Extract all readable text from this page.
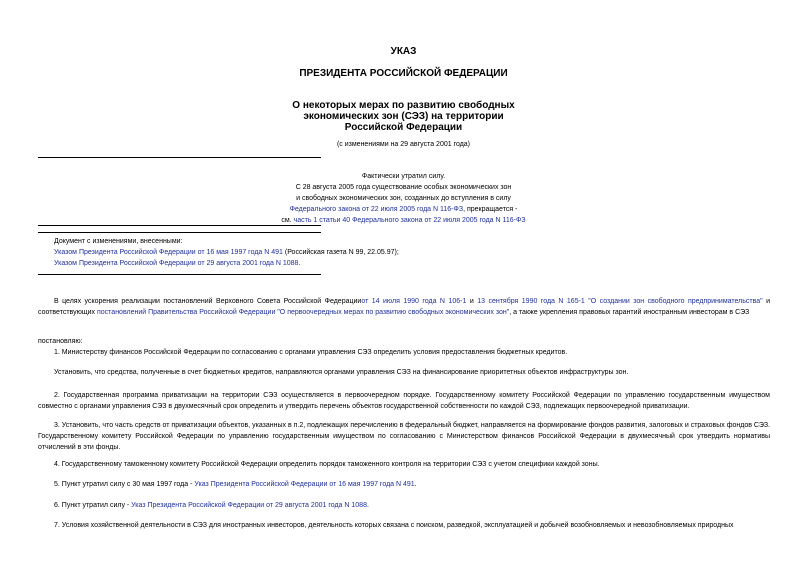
УКАЗ
ПРЕЗИДЕНТА РОССИЙСКОЙ ФЕДЕРАЦИИ
О некоторых мерах по развитию свободных
экономических зон (СЭЗ) на территории
Российской Федерации
(с изменениями на 29 августа 2001 года)
Фактически утратил силу.
С 28 августа 2005 года существование особых экономических зон
и свободных экономических зон, созданных до вступления в силу
Федерального закона от 22 июля 2005 года N 116-ФЗ, прекращается -
см. часть 1 статьи 40 Федерального закона от 22 июля 2005 года N 116-ФЗ
Документ с изменениями, внесенными:
Указом Президента Российской Федерации от 16 мая 1997 года N 491 (Российская газета N 99, 22.05.97);
Указом Президента Российской Федерации от 29 августа 2001 года N 1088.
В целях ускорения реализации постановлений Верховного Совета Российской Федерацииот 14 июля 1990 года N 106-1 и 13 сентября 1990 года N 165-1 "О создании зон свободного предпринимательства" и соответствующих постановлений Правительства Российской Федерации "О первоочередных мерах по развитию свободных экономических зон", а также укрепления правовых гарантий иностранным инвесторам в СЭЗ
постановляю:
1. Министерству финансов Российской Федерации по согласованию с органами управления СЭЗ определить условия предоставления бюджетных кредитов.
Установить, что средства, полученные в счет бюджетных кредитов, направляются органами управления СЭЗ на финансирование приоритетных объектов инфраструктуры зон.
2. Государственная программа приватизации на территории СЭЗ осуществляется в первоочередном порядке. Государственному комитету Российской Федерации по управлению государственным имуществом совместно с органами управления СЭЗ в двухмесячный срок определить и утвердить перечень объектов государственной собственности по каждой СЭЗ, подлежащих первоочередной приватизации.
3. Установить, что часть средств от приватизации объектов, указанных в п.2, подлежащих перечислению в федеральный бюджет, направляется на формирование фондов развития, залоговых и страховых фондов СЭЗ. Государственному комитету Российской Федерации по управлению государственным имуществом по согласованию с Министерством финансов Российской Федерации в двухмесячный срок утвердить нормативы отчислений в эти фонды.
4. Государственному таможенному комитету Российской Федерации определить порядок таможенного контроля на территории СЭЗ с учетом специфики каждой зоны.
5. Пункт утратил силу с 30 мая 1997 года - Указ Президента Российской Федерации от 16 мая 1997 года N 491.
6. Пункт утратил силу - Указ Президента Российской Федерации от 29 августа 2001 года N 1088.
7. Условия хозяйственной деятельности в СЭЗ для иностранных инвесторов, деятельность которых связана с поиском, разведкой, эксплуатацией и добычей возобновляемых и невозобновляемых природных
